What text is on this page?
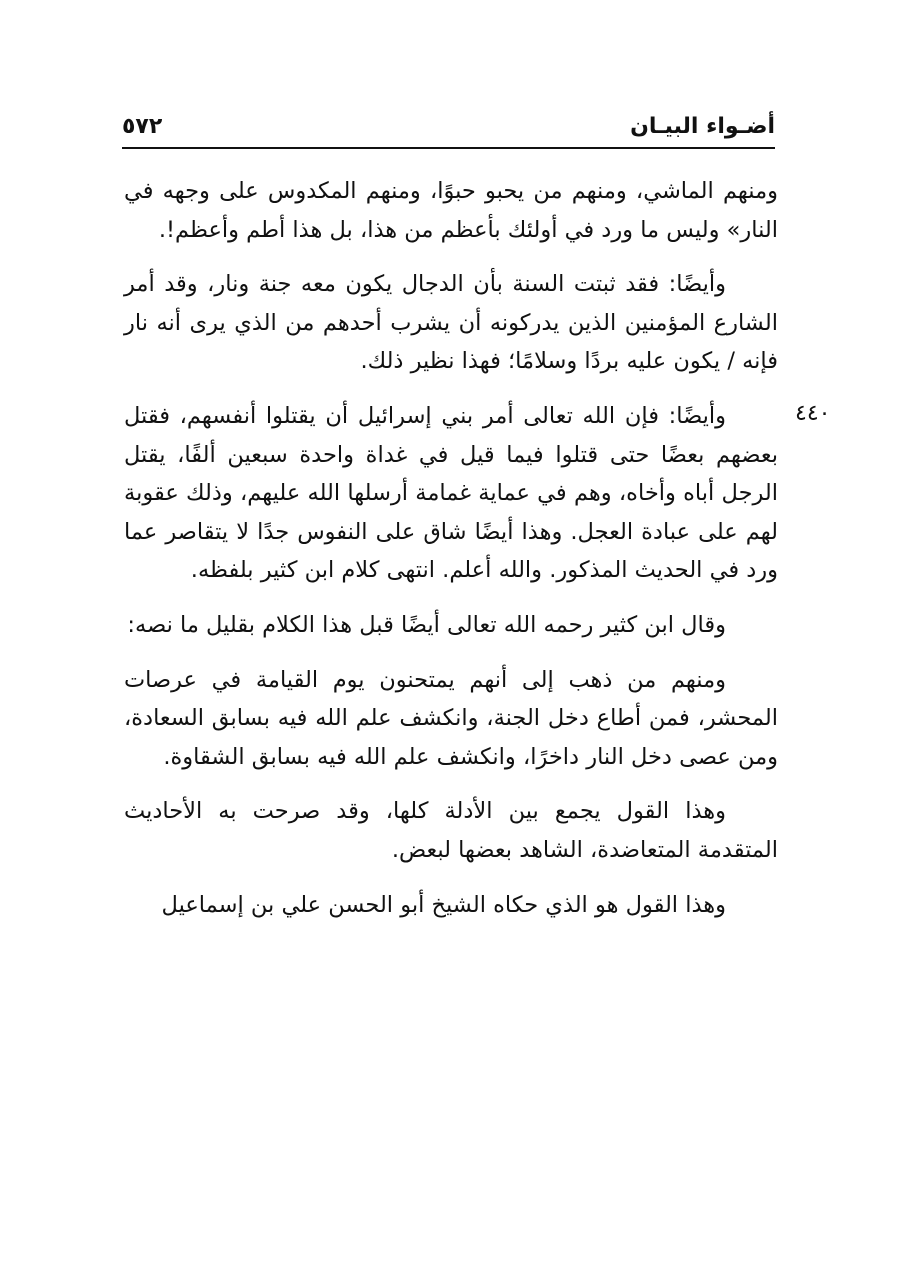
أضـواء البيـان
٥٧٢

ومنهم الماشي، ومنهم من يحبو حبوًا، ومنهم المكدوس على وجهه في النار» وليس ما ورد في أولئك بأعظم من هذا، بل هذا أطم وأعظم!.

وأيضًا: فقد ثبتت السنة بأن الدجال يكون معه جنة ونار، وقد أمر الشارع المؤمنين الذين يدركونه أن يشرب أحدهم من الذي يرى أنه نار فإنه / يكون عليه بردًا وسلامًا؛ فهذا نظير ذلك.

وأيضًا: فإن الله تعالى أمر بني إسرائيل أن يقتلوا أنفسهم، فقتل بعضهم بعضًا حتى قتلوا فيما قيل في غداة واحدة سبعين ألفًا، يقتل الرجل أباه وأخاه، وهم في عماية غمامة أرسلها الله عليهم، وذلك عقوبة لهم على عبادة العجل. وهذا أيضًا شاق على النفوس جدًا لا يتقاصر عما ورد في الحديث المذكور. والله أعلم. انتهى كلام ابن كثير بلفظه.

وقال ابن كثير رحمه الله تعالى أيضًا قبل هذا الكلام بقليل ما نصه:

ومنهم من ذهب إلى أنهم يمتحنون يوم القيامة في عرصات المحشر، فمن أطاع دخل الجنة، وانكشف علم الله فيه بسابق السعادة، ومن عصى دخل النار داخرًا، وانكشف علم الله فيه بسابق الشقاوة.

وهذا القول يجمع بين الأدلة كلها، وقد صرحت به الأحاديث المتقدمة المتعاضدة، الشاهد بعضها لبعض.

وهذا القول هو الذي حكاه الشيخ أبو الحسن علي بن إسماعيل

٤٤٠
